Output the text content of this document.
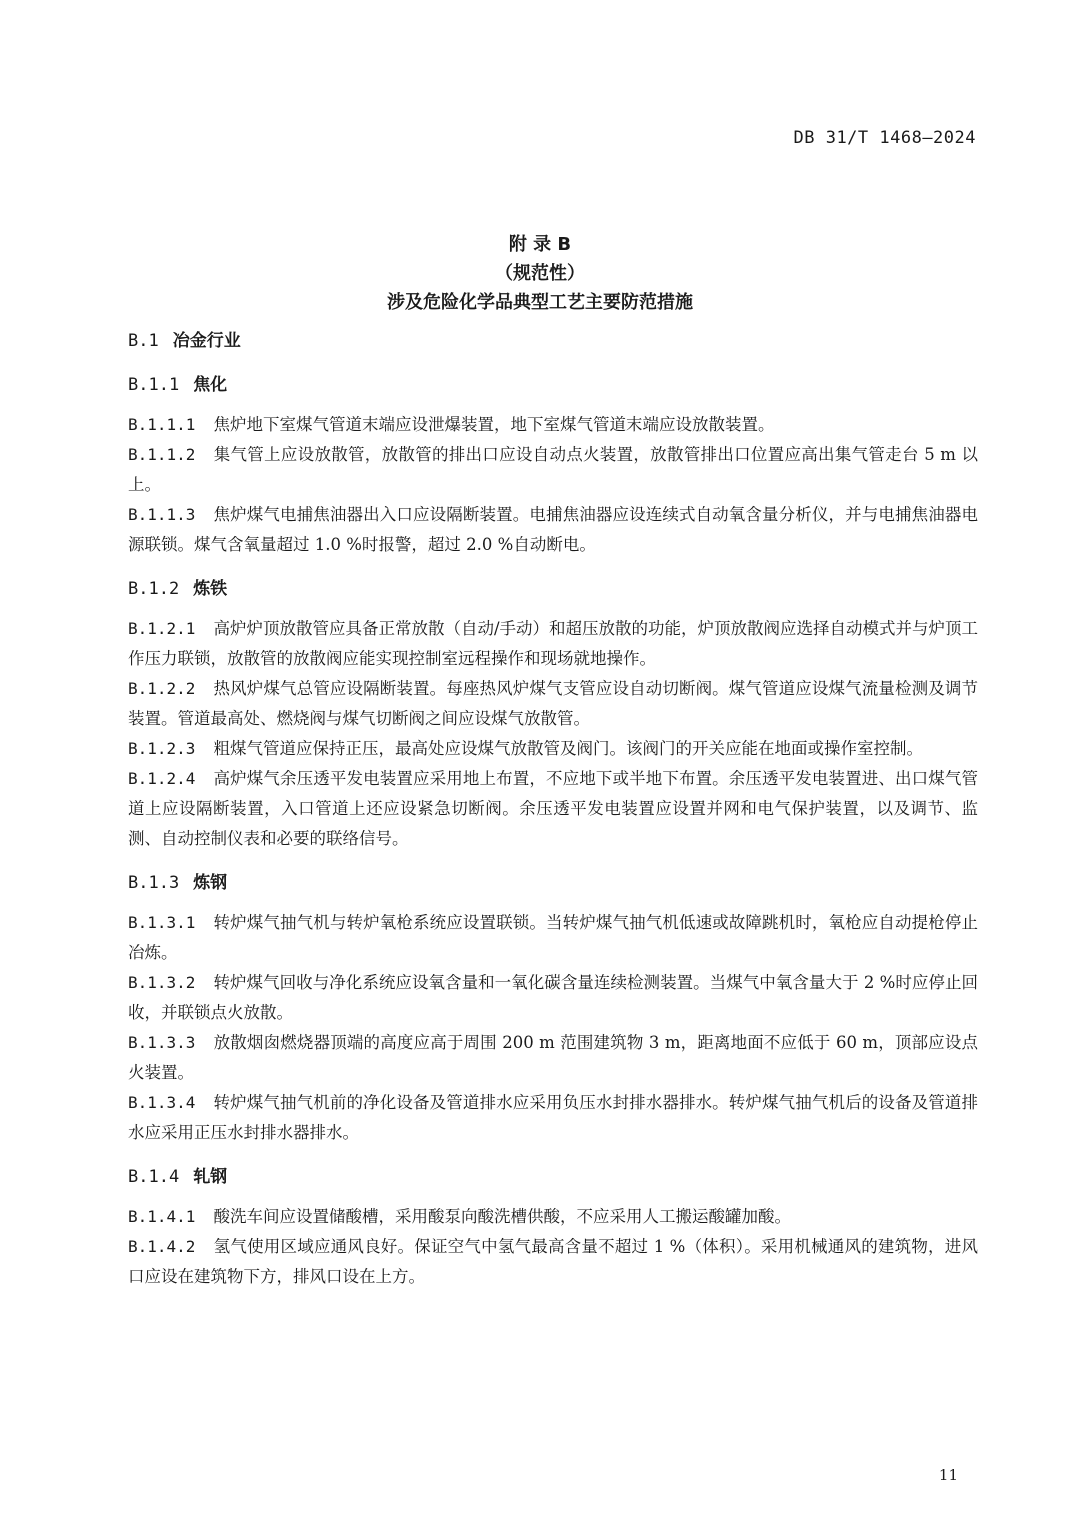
DB 31/T 1468—2024
附 录 B
（规范性）
涉及危险化学品典型工艺主要防范措施
B.1 冶金行业
B.1.1 焦化
B.1.1.1 焦炉地下室煤气管道末端应设泄爆装置，地下室煤气管道末端应设放散装置。
B.1.1.2 集气管上应设放散管，放散管的排出口应设自动点火装置，放散管排出口位置应高出集气管走台 5 m 以上。
B.1.1.3 焦炉煤气电捕焦油器出入口应设隔断装置。电捕焦油器应设连续式自动氧含量分析仪，并与电捕焦油器电源联锁。煤气含氧量超过 1.0 %时报警，超过 2.0 %自动断电。
B.1.2 炼铁
B.1.2.1 高炉炉顶放散管应具备正常放散（自动/手动）和超压放散的功能，炉顶放散阀应选择自动模式并与炉顶工作压力联锁，放散管的放散阀应能实现控制室远程操作和现场就地操作。
B.1.2.2 热风炉煤气总管应设隔断装置。每座热风炉煤气支管应设自动切断阀。煤气管道应设煤气流量检测及调节装置。管道最高处、燃烧阀与煤气切断阀之间应设煤气放散管。
B.1.2.3 粗煤气管道应保持正压，最高处应设煤气放散管及阀门。该阀门的开关应能在地面或操作室控制。
B.1.2.4 高炉煤气余压透平发电装置应采用地上布置，不应地下或半地下布置。余压透平发电装置进、出口煤气管道上应设隔断装置，入口管道上还应设紧急切断阀。余压透平发电装置应设置并网和电气保护装置，以及调节、监测、自动控制仪表和必要的联络信号。
B.1.3 炼钢
B.1.3.1 转炉煤气抽气机与转炉氧枪系统应设置联锁。当转炉煤气抽气机低速或故障跳机时，氧枪应自动提枪停止冶炼。
B.1.3.2 转炉煤气回收与净化系统应设氧含量和一氧化碳含量连续检测装置。当煤气中氧含量大于 2 %时应停止回收，并联锁点火放散。
B.1.3.3 放散烟囱燃烧器顶端的高度应高于周围 200 m 范围建筑物 3 m，距离地面不应低于 60 m，顶部应设点火装置。
B.1.3.4 转炉煤气抽气机前的净化设备及管道排水应采用负压水封排水器排水。转炉煤气抽气机后的设备及管道排水应采用正压水封排水器排水。
B.1.4 轧钢
B.1.4.1 酸洗车间应设置储酸槽，采用酸泵向酸洗槽供酸，不应采用人工搬运酸罐加酸。
B.1.4.2 氢气使用区域应通风良好。保证空气中氢气最高含量不超过 1 %（体积）。采用机械通风的建筑物，进风口应设在建筑物下方，排风口设在上方。
11
